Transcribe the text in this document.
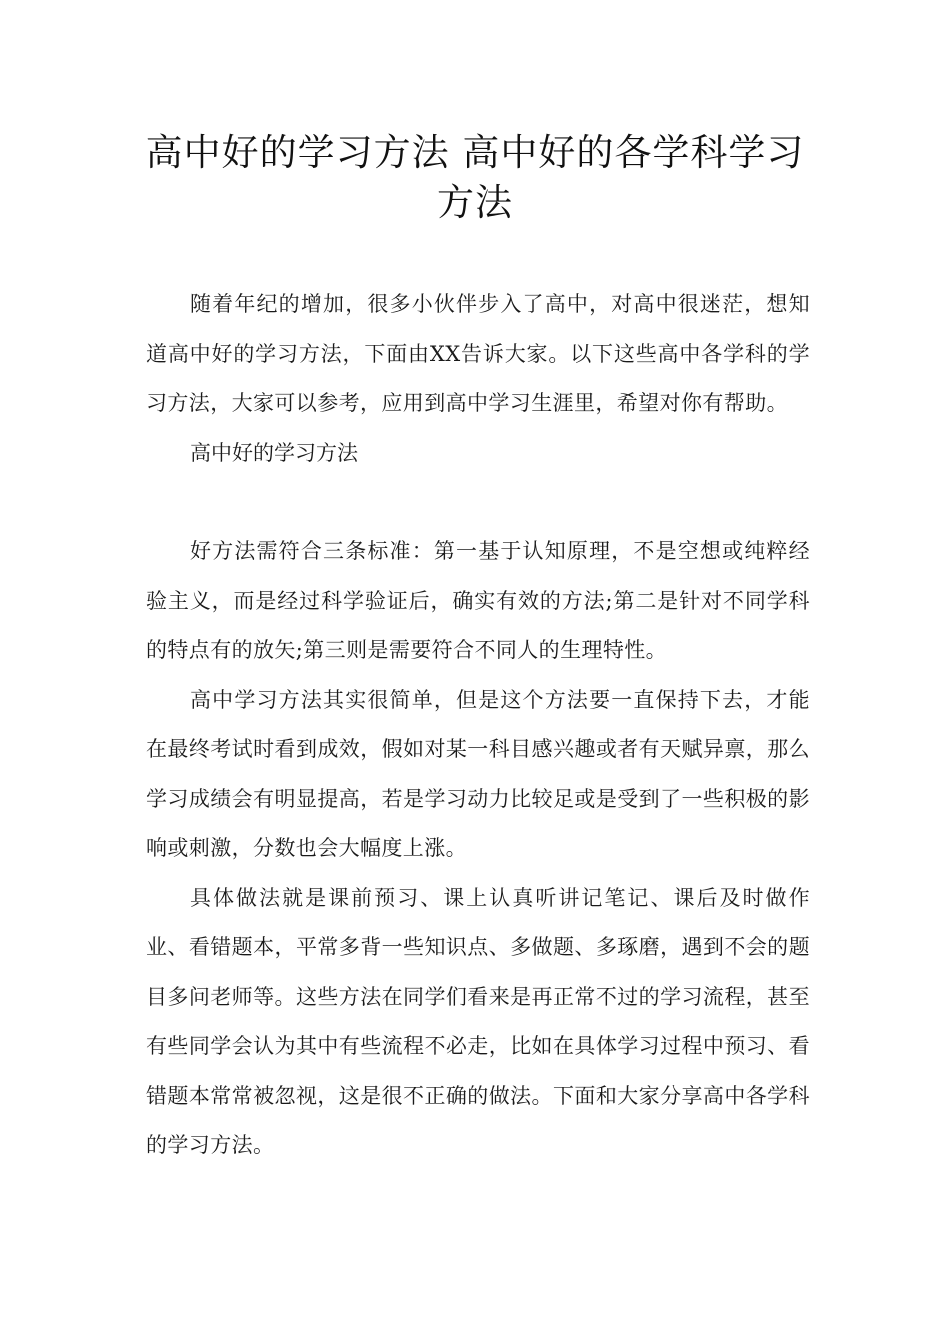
高中好的学习方法 高中好的各学科学习方法

随着年纪的增加，很多小伙伴步入了高中，对高中很迷茫，想知道高中好的学习方法，下面由XX告诉大家。以下这些高中各学科的学习方法，大家可以参考，应用到高中学习生涯里，希望对你有帮助。

高中好的学习方法

好方法需符合三条标准：第一基于认知原理，不是空想或纯粹经验主义，而是经过科学验证后，确实有效的方法;第二是针对不同学科的特点有的放矢;第三则是需要符合不同人的生理特性。

高中学习方法其实很简单，但是这个方法要一直保持下去，才能在最终考试时看到成效，假如对某一科目感兴趣或者有天赋异禀，那么学习成绩会有明显提高，若是学习动力比较足或是受到了一些积极的影响或刺激，分数也会大幅度上涨。

具体做法就是课前预习、课上认真听讲记笔记、课后及时做作业、看错题本，平常多背一些知识点、多做题、多琢磨，遇到不会的题目多问老师等。这些方法在同学们看来是再正常不过的学习流程，甚至有些同学会认为其中有些流程不必走，比如在具体学习过程中预习、看错题本常常被忽视，这是很不正确的做法。下面和大家分享高中各学科的学习方法。
